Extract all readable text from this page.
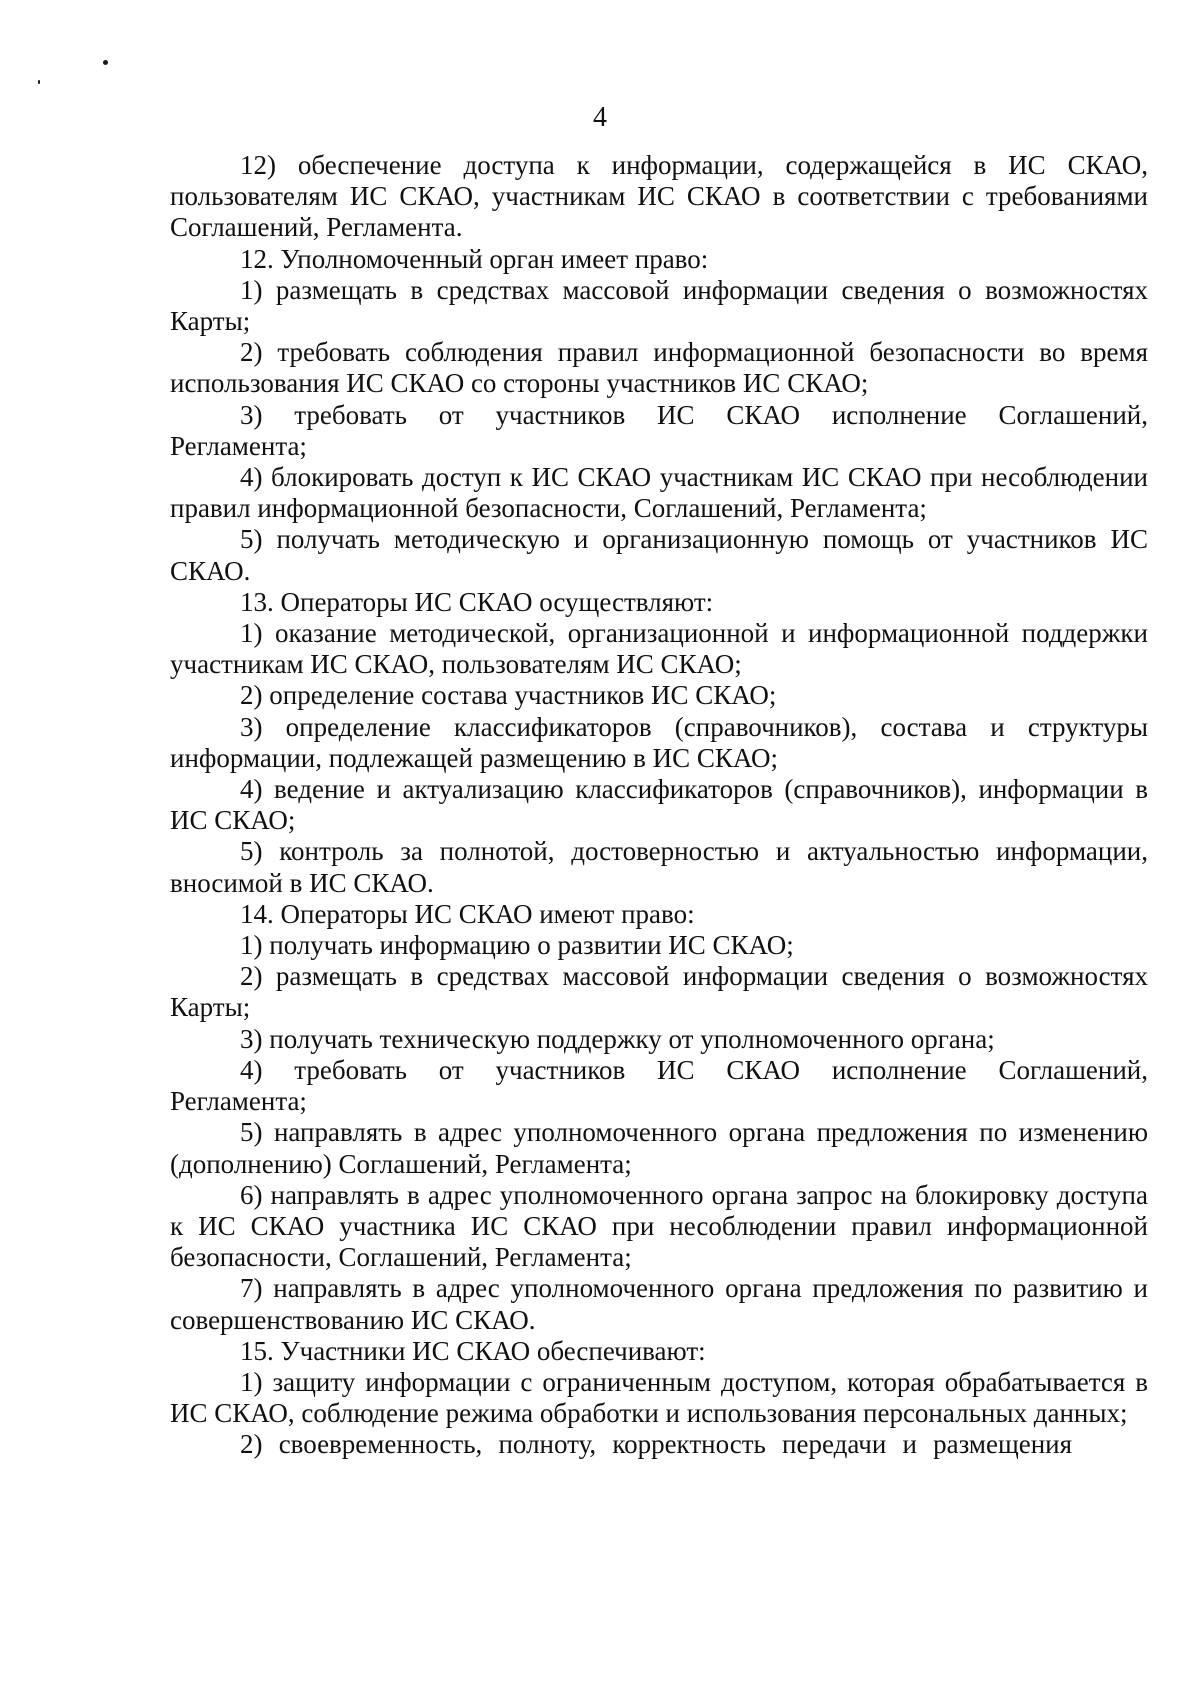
4

12) обеспечение доступа к информации, содержащейся в ИС СКАО, пользователям ИС СКАО, участникам ИС СКАО в соответствии с требованиями Соглашений, Регламента.

12. Уполномоченный орган имеет право:

1) размещать в средствах массовой информации сведения о возможностях Карты;

2) требовать соблюдения правил информационной безопасности во время использования ИС СКАО со стороны участников ИС СКАО;

3) требовать от участников ИС СКАО исполнение Соглашений, Регламента;

4) блокировать доступ к ИС СКАО участникам ИС СКАО при несоблюдении правил информационной безопасности, Соглашений, Регламента;

5) получать методическую и организационную помощь от участников ИС СКАО.

13. Операторы ИС СКАО осуществляют:

1) оказание методической, организационной и информационной поддержки участникам ИС СКАО, пользователям ИС СКАО;

2) определение состава участников ИС СКАО;

3) определение классификаторов (справочников), состава и структуры информации, подлежащей размещению в ИС СКАО;

4) ведение и актуализацию классификаторов (справочников), информации в ИС СКАО;

5) контроль за полнотой, достоверностью и актуальностью информации, вносимой в ИС СКАО.

14. Операторы ИС СКАО имеют право:

1) получать информацию о развитии ИС СКАО;

2) размещать в средствах массовой информации сведения о возможностях Карты;

3) получать техническую поддержку от уполномоченного органа;

4) требовать от участников ИС СКАО исполнение Соглашений, Регламента;

5) направлять в адрес уполномоченного органа предложения по изменению (дополнению) Соглашений, Регламента;

6) направлять в адрес уполномоченного органа запрос на блокировку доступа к ИС СКАО участника ИС СКАО при несоблюдении правил информационной безопасности, Соглашений, Регламента;

7) направлять в адрес уполномоченного органа предложения по развитию и совершенствованию ИС СКАО.

15. Участники ИС СКАО обеспечивают:

1) защиту информации с ограниченным доступом, которая обрабатывается в ИС СКАО, соблюдение режима обработки и использования персональных данных;

2) своевременность, полноту, корректность передачи и размещения
